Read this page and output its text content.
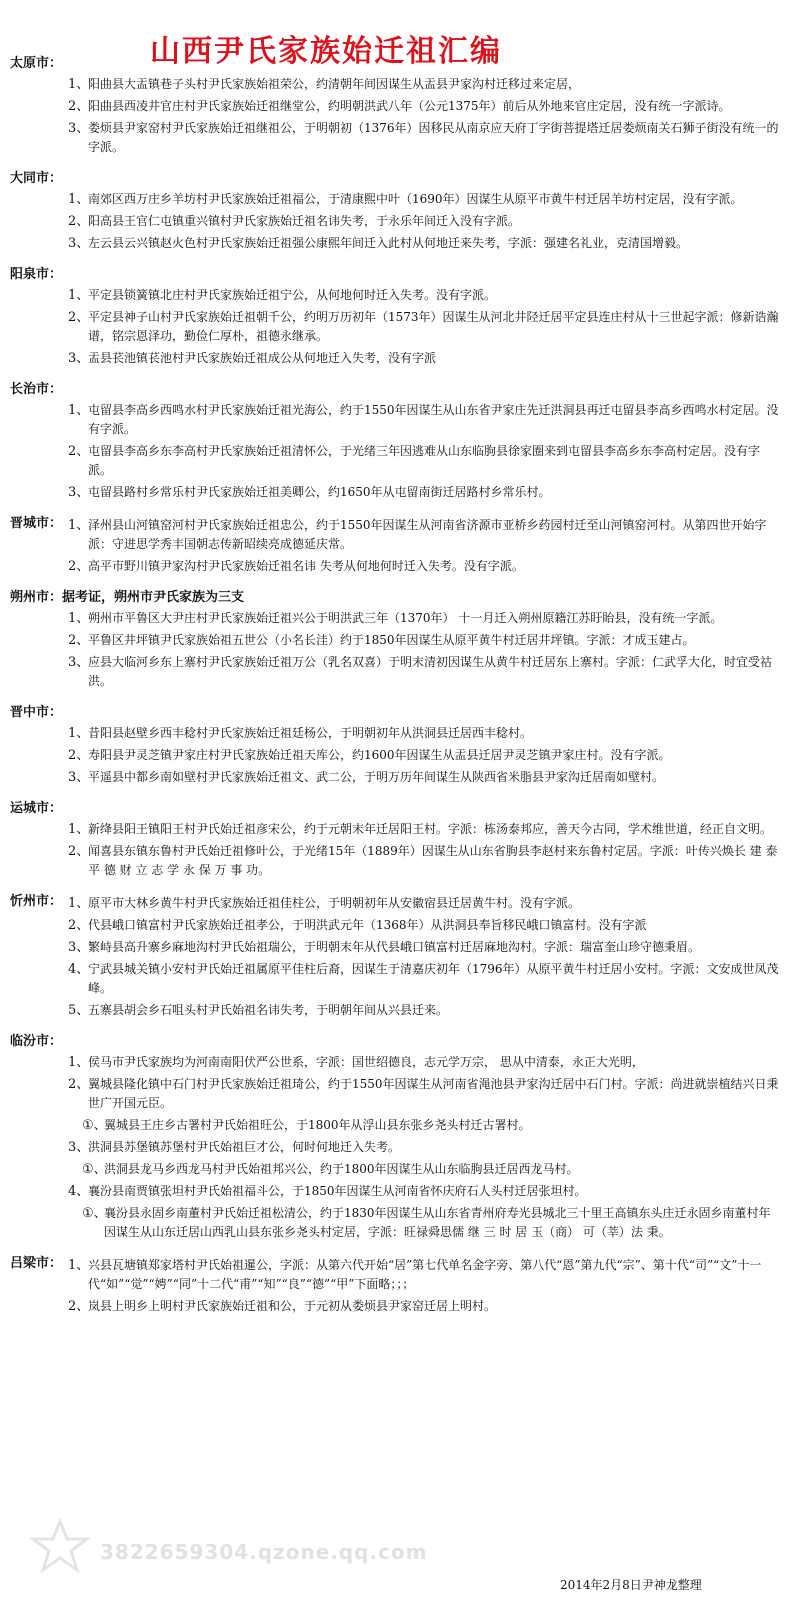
山西尹氏家族始迁祖汇编
太原市：
1、
阳曲县大盂镇巷子头村尹氏家族始祖荣公，约清朝年间因谋生从盂县尹家沟村迁移过来定居，
2、
阳曲县西凌井官庄村尹氏家族始迁祖继堂公，约明朝洪武八年（公元1375年）前后从外地来官庄定居，没有统一字派诗。
3、
娄烦县尹家窑村尹氏家族始迁祖继祖公，于明朝初（1376年）因移民从南京应天府丁字街菩提塔迁居娄烦南关石狮子街没有统一的字派。
大同市：
1、
南郊区西万庄乡羊坊村尹氏家族始迁祖福公，于清康熙中叶（1690年）因谋生从原平市黄牛村迁居羊坊村定居，没有字派。
2、
阳高县王官仁屯镇重兴镇村尹氏家族始迁祖名讳失考，于永乐年间迁入没有字派。
3、
左云县云兴镇赵火色村尹氏家族始迁祖强公康熙年间迁入此村从何地迁来失考，字派：强建名礼业，克清国增毅。
阳泉市：
1、
平定县锁簧镇北庄村尹氏家族始迁祖宁公，从何地何时迁入失考。没有字派。
2、
平定县神子山村尹氏家族始迁祖朝千公，约明万历初年（1573年）因谋生从河北井陉迁居平定县连庄村从十三世起字派：修新诰瀚谱，铭宗恩泽功，勤俭仁厚朴，祖德永继承。
3、
盂县苌池镇苌池村尹氏家族始迁祖成公从何地迁入失考，没有字派
长治市：
1、
屯留县李高乡西鸣水村尹氏家族始迁祖光海公，约于1550年因谋生从山东省尹家庄先迁洪洞县再迁屯留县李高乡西鸣水村定居。没有字派。
2、
屯留县李高乡东李高村尹氏家族始迁祖清怀公，于光绪三年因逃难从山东临朐县徐家圈来到屯留县李高乡东李高村定居。没有字派。
3、
屯留县路村乡常乐村尹氏家族始迁祖美卿公，约1650年从屯留南街迁居路村乡常乐村。
晋城市： 1、
泽州县山河镇窑河村尹氏家族始迁祖忠公，约于1550年因谋生从河南省济源市亚桥乡药园村迁至山河镇窑河村。从第四世开始字派：守进思学秀丰国朝志传新昭续亮成德延庆常。
2、
高平市野川镇尹家沟村尹氏家族始迁祖名讳 失考从何地何时迁入失考。没有字派。
朔州市：据考证，朔州市尹氏家族为三支
1、
朔州市平鲁区大尹庄村尹氏家族始迁祖兴公于明洪武三年（1370年） 十一月迁入朔州原籍江苏盱眙县，没有统一字派。
2、
平鲁区井坪镇尹氏家族始祖五世公（小名长洼）约于1850年因谋生从原平黄牛村迁居井坪镇。字派：才成玉建占。
3、
应县大临河乡东上寨村尹氏家族始迁祖万公（乳名双喜）于明末清初因谋生从黄牛村迁居东上寨村。字派：仁武孚大化，时宜受祜洪。
晋中市：
1、
昔阳县赵壁乡西丰稔村尹氏家族始迁祖廷杨公，于明朝初年从洪洞县迁居西丰稔村。
2、
寿阳县尹灵芝镇尹家庄村尹氏家族始迁祖天库公，约1600年因谋生从盂县迁居尹灵芝镇尹家庄村。没有字派。
3、
平遥县中都乡南如壁村尹氏家族始迁祖文、武二公，于明万历年间谋生从陕西省米脂县尹家沟迁居南如壁村。
运城市：
1、
新绛县阳王镇阳王村尹氏始迁祖彦宋公，约于元朝末年迁居阳王村。字派：栋汤泰邦应，善天今古同，学术维世道，经正自文明。
2、
闻喜县东镇东鲁村尹氏始迁祖修叶公，于光绪15年（1889年）因谋生从山东省朐县李赵村来东鲁村定居。字派：叶传兴焕长 建 泰 平 德 财 立 志 学 永 保 万 事 功。
忻州市： 1、
原平市大林乡黄牛村尹氏家族始迁祖佳柱公，于明朝初年从安徽宿县迁居黄牛村。没有字派。
2、
代县峨口镇富村尹氏家族始迁祖孝公，于明洪武元年（1368年）从洪洞县奉旨移民峨口镇富村。没有字派
3、
繁峙县高升寨乡麻地沟村尹氏始祖瑞公，于明朝末年从代县峨口镇富村迁居麻地沟村。字派：瑞富奎山珍守德秉眉。
4、
宁武县城关镇小安村尹氏始迁祖属原平佳柱后裔，因谋生于清嘉庆初年（1796年）从原平黄牛村迁居小安村。字派：文安成世凤茂峰。
5、
五寨县胡会乡石咀头村尹氏始祖名讳失考，于明朝年间从兴县迁来。
临汾市：
1、
侯马市尹氏家族均为河南南阳伏严公世系，字派：国世绍德良，志元学万宗， 思从中清泰，永正大光明，
2、
翼城县隆化镇中石门村尹氏家族始迁祖琦公，约于1550年因谋生从河南省渑池县尹家沟迁居中石门村。字派：尚进就崇植结兴日秉世广开国元臣。
①、
翼城县王庄乡古署村尹氏始祖旺公，于1800年从浮山县东张乡尧头村迁古署村。
3、
洪洞县苏堡镇苏堡村尹氏始祖巨才公，何时何地迁入失考。
①、
洪洞县龙马乡西龙马村尹氏始祖邦兴公，约于1800年因谋生从山东临朐县迁居西龙马村。
4、
襄汾县南贾镇张坦村尹氏始祖福斗公，于1850年因谋生从河南省怀庆府石人头村迁居张坦村。
①、
襄汾县永固乡南董村尹氏始迁祖松清公，约于1830年因谋生从山东省青州府寿光县城北三十里王高镇东头庄迁永固乡南董村年因谋生从山东迁居山西乳山县东张乡尧头村定居，字派：旺禄舜思儒 继 三 时 居 玉（商） 可（莘）法 秉。
吕梁市： 1、
兴县瓦塘镇郑家塔村尹氏始祖暹公，字派：从第六代开始“居”第七代单名金字旁、第八代“恩”第九代“宗”、第十代“司”“文”十一代“如”“觉”“娉”“同”十二代“甫”“知”“良”“德”“甲”下面略；；；
2、
岚县上明乡上明村尹氏家族始迁祖和公，于元初从娄烦县尹家窑迁居上明村。
2014年2月8日尹神龙整理
3822659304.qzone.qq.com
